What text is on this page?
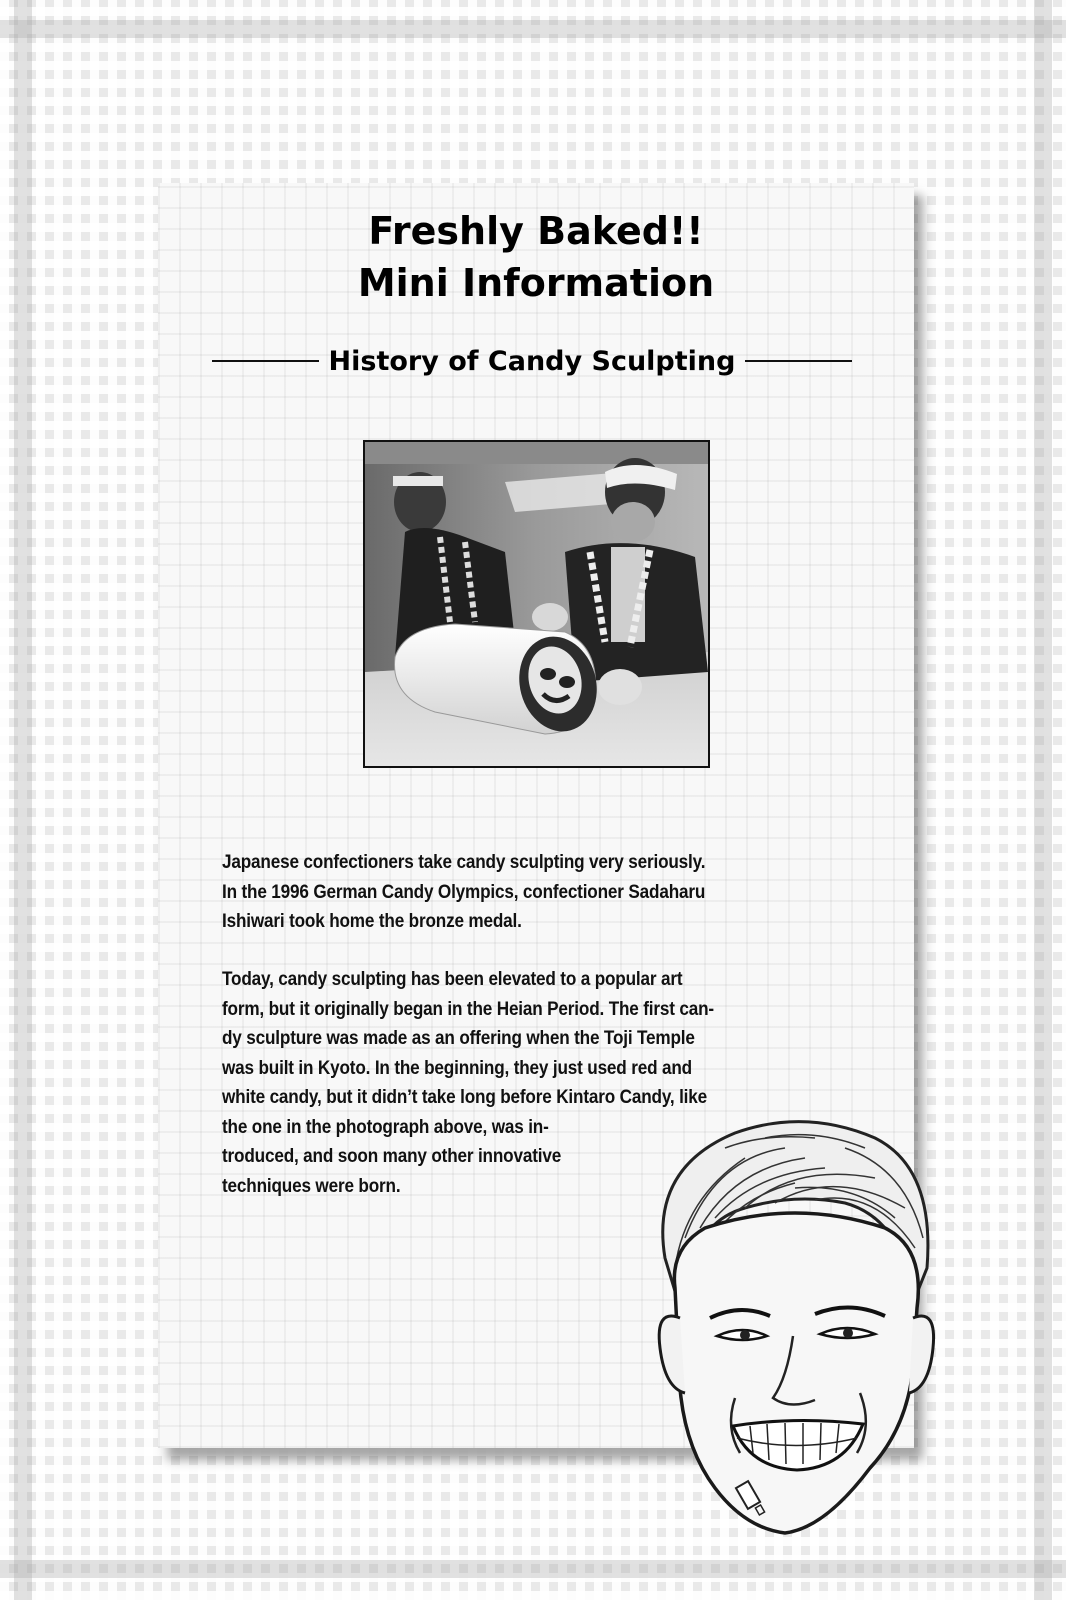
Freshly Baked!!
Mini Information
History of Candy Sculpting

Japanese confectioners take candy sculpting very seriously.
In the 1996 German Candy Olympics, confectioner Sadaharu
Ishiwari took home the bronze medal.

Today, candy sculpting has been elevated to a popular art
form, but it originally began in the Heian Period. The first can-
dy sculpture was made as an offering when the Toji Temple
was built in Kyoto. In the beginning, they just used red and
white candy, but it didn’t take long before Kintaro Candy, like
the one in the photograph above, was in-
troduced, and soon many other innovative
techniques were born.
